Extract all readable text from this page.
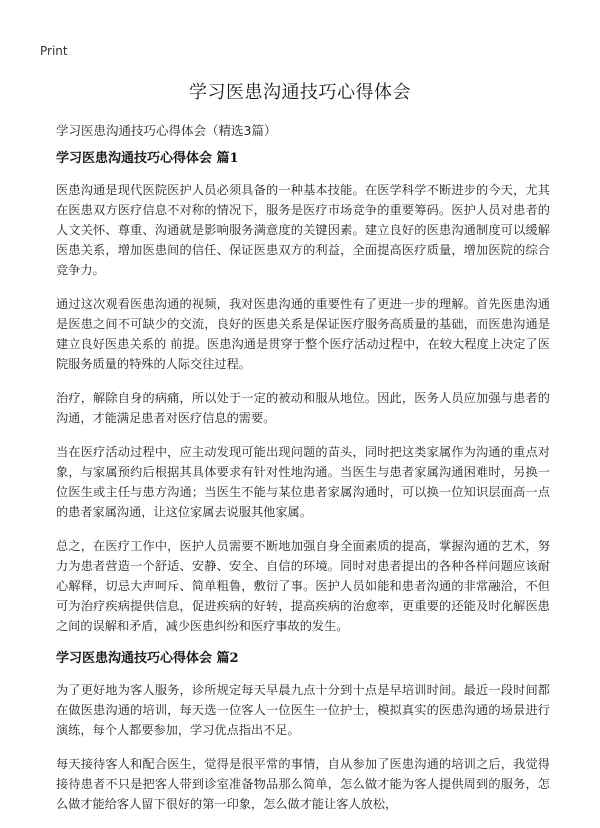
Print
学习医患沟通技巧心得体会

学习医患沟通技巧心得体会（精选3篇）

学习医患沟通技巧心得体会 篇1

医患沟通是现代医院医护人员必须具备的一种基本技能。在医学科学不断进步的今天，尤其在医患双方医疗信息不对称的情况下，服务是医疗市场竞争的重要筹码。医护人员对患者的人文关怀、尊重、沟通就是影响服务满意度的关键因素。建立良好的医患沟通制度可以缓解医患关系，增加医患间的信任、保证医患双方的利益，全面提高医疗质量，增加医院的综合竞争力。

通过这次观看医患沟通的视频，我对医患沟通的重要性有了更进一步的理解。首先医患沟通是医患之间不可缺少的交流，良好的医患关系是保证医疗服务高质量的基础，而医患沟通是建立良好医患关系的 前提。医患沟通是贯穿于整个医疗活动过程中，在较大程度上决定了医院服务质量的特殊的人际交往过程。

治疗，解除自身的病痛，所以处于一定的被动和服从地位。因此，医务人员应加强与患者的沟通，才能满足患者对医疗信息的需要。

当在医疗活动过程中，应主动发现可能出现问题的苗头，同时把这类家属作为沟通的重点对象，与家属预约后根据其具体要求有针对性地沟通。当医生与患者家属沟通困难时，另换一位医生或主任与患方沟通；当医生不能与某位患者家属沟通时，可以换一位知识层面高一点的患者家属沟通，让这位家属去说服其他家属。

总之，在医疗工作中，医护人员需要不断地加强自身全面素质的提高，掌握沟通的艺术，努力为患者营造一个舒适、安静、安全、自信的环境。同时对患者提出的各种各样问题应该耐心解释，切忌大声呵斥、简单粗鲁，敷衍了事。医护人员如能和患者沟通的非常融洽，不但可为治疗疾病提供信息，促进疾病的好转，提高疾病的治愈率，更重要的还能及时化解医患之间的误解和矛盾，减少医患纠纷和医疗事故的发生。

学习医患沟通技巧心得体会 篇2

为了更好地为客人服务，诊所规定每天早晨九点十分到十点是早培训时间。最近一段时间都在做医患沟通的培训，每天选一位客人一位医生一位护士，模拟真实的医患沟通的场景进行演练，每个人都要参加，学习优点指出不足。

每天接待客人和配合医生，觉得是很平常的事情，自从参加了医患沟通的培训之后，我觉得接待患者不只是把客人带到诊室准备物品那么简单，怎么做才能为客人提供周到的服务，怎么做才能给客人留下很好的第一印象，怎么做才能让客人放松，
